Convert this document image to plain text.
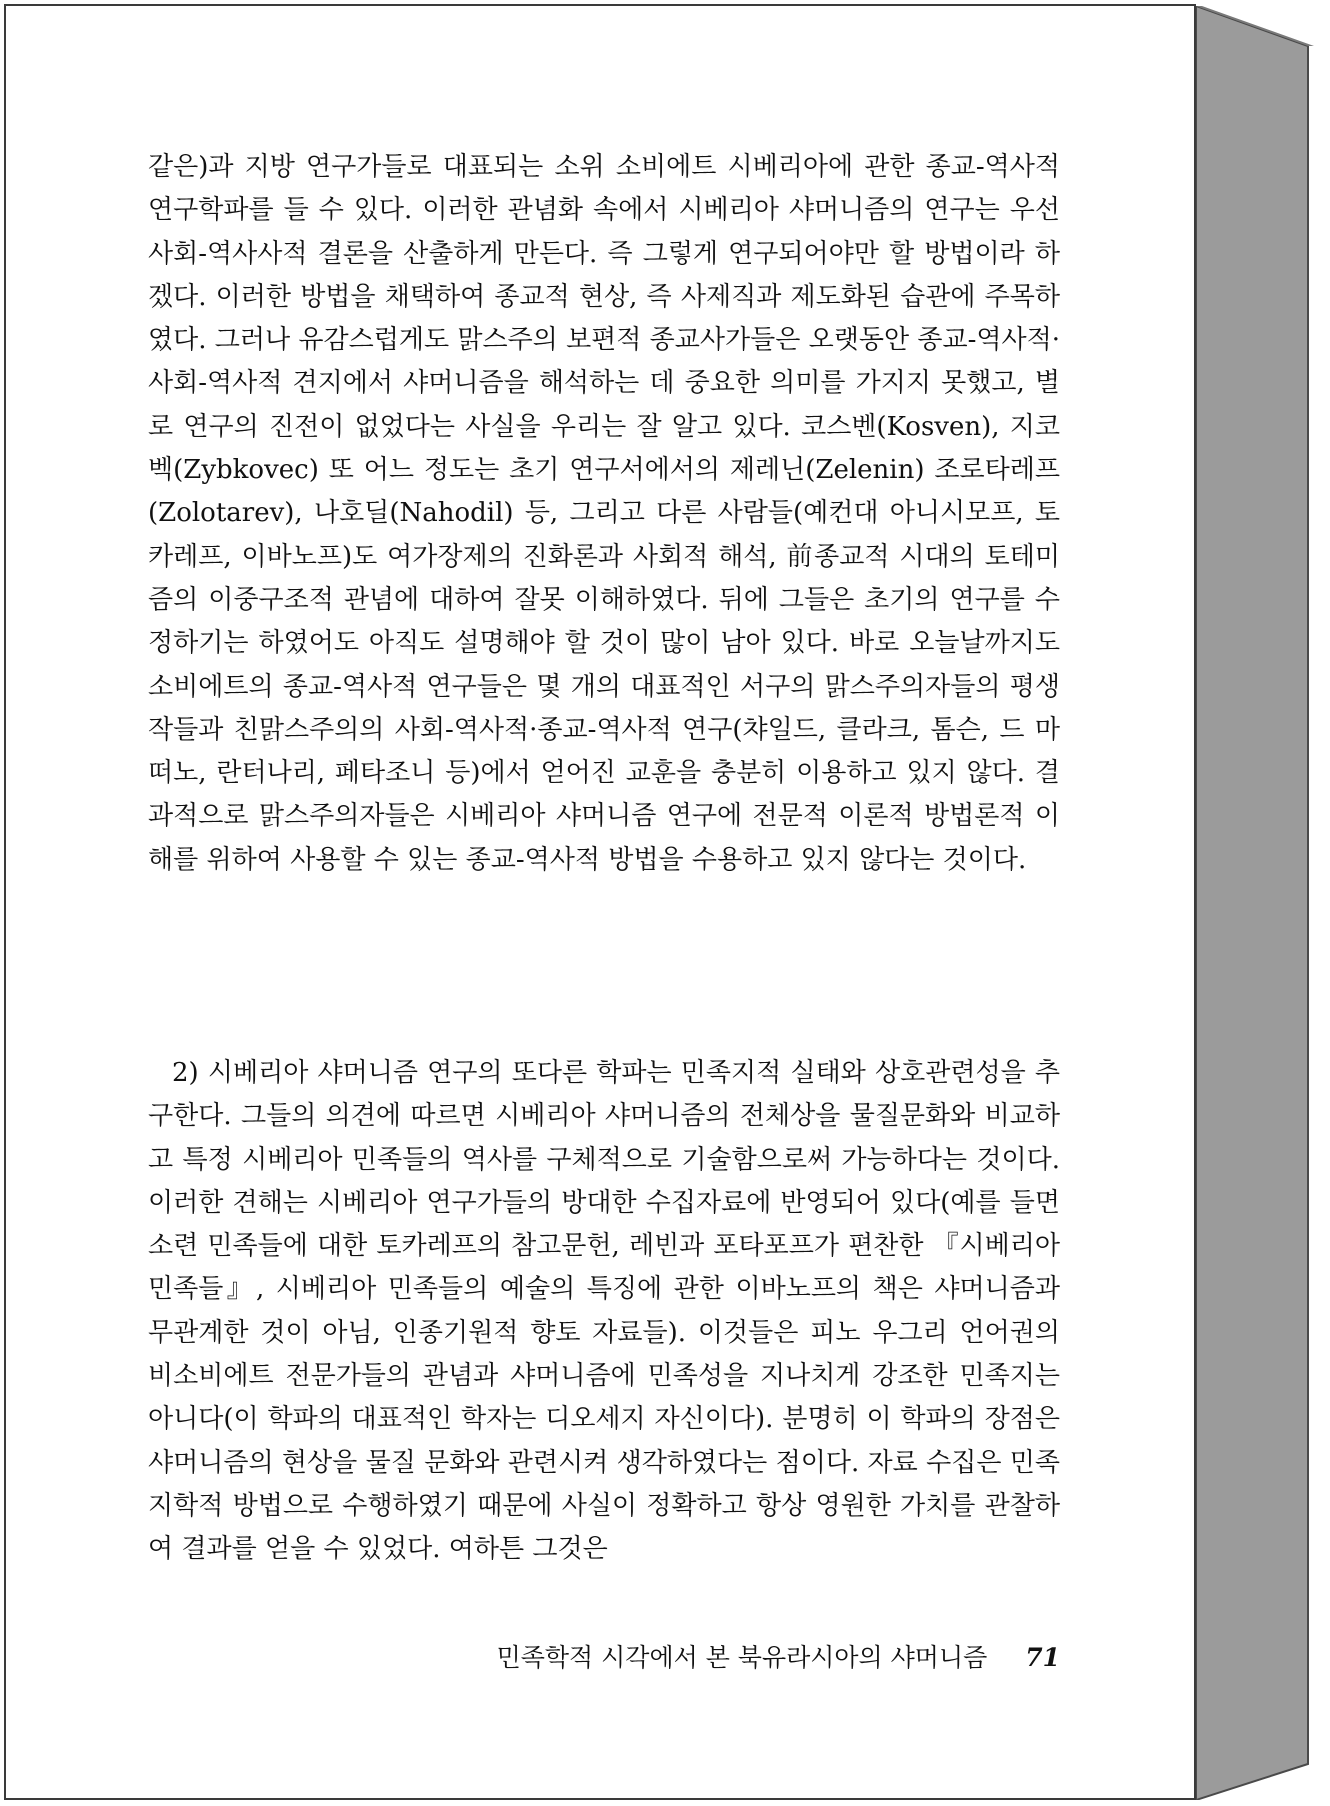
같은)과 지방 연구가들로 대표되는 소위 소비에트 시베리아에 관한 종교-역사적 연구학파를 들 수 있다. 이러한 관념화 속에서 시베리아 샤머니즘의 연구는 우선 사회-역사사적 결론을 산출하게 만든다. 즉 그렇게 연구되어야만 할 방법이라 하겠다. 이러한 방법을 채택하여 종교적 현상, 즉 사제직과 제도화된 습관에 주목하였다. 그러나 유감스럽게도 맑스주의 보편적 종교사가들은 오랫동안 종교-역사적·사회-역사적 견지에서 샤머니즘을 해석하는 데 중요한 의미를 가지지 못했고, 별로 연구의 진전이 없었다는 사실을 우리는 잘 알고 있다. 코스벤(Kosven), 지코벡(Zybkovec) 또 어느 정도는 초기 연구서에서의 제레닌(Zelenin) 조로타레프(Zolotarev), 나호딜(Nahodil) 등, 그리고 다른 사람들(예컨대 아니시모프, 토카레프, 이바노프)도 여가장제의 진화론과 사회적 해석, 前종교적 시대의 토테미즘의 이중구조적 관념에 대하여 잘못 이해하였다. 뒤에 그들은 초기의 연구를 수정하기는 하였어도 아직도 설명해야 할 것이 많이 남아 있다. 바로 오늘날까지도 소비에트의 종교-역사적 연구들은 몇 개의 대표적인 서구의 맑스주의자들의 평생작들과 친맑스주의의 사회-역사적·종교-역사적 연구(챠일드, 클라크, 톰슨, 드 마떠노, 란터나리, 페타조니 등)에서 얻어진 교훈을 충분히 이용하고 있지 않다. 결과적으로 맑스주의자들은 시베리아 샤머니즘 연구에 전문적 이론적 방법론적 이해를 위하여 사용할 수 있는 종교-역사적 방법을 수용하고 있지 않다는 것이다.
2) 시베리아 샤머니즘 연구의 또다른 학파는 민족지적 실태와 상호관련성을 추구한다. 그들의 의견에 따르면 시베리아 샤머니즘의 전체상을 물질문화와 비교하고 특정 시베리아 민족들의 역사를 구체적으로 기술함으로써 가능하다는 것이다. 이러한 견해는 시베리아 연구가들의 방대한 수집자료에 반영되어 있다(예를 들면 소련 민족들에 대한 토카레프의 참고문헌, 레빈과 포타포프가 편찬한 『시베리아 민족들』, 시베리아 민족들의 예술의 특징에 관한 이바노프의 책은 샤머니즘과 무관계한 것이 아님, 인종기원적 향토 자료들). 이것들은 피노 우그리 언어권의 비소비에트 전문가들의 관념과 샤머니즘에 민족성을 지나치게 강조한 민족지는 아니다(이 학파의 대표적인 학자는 디오세지 자신이다). 분명히 이 학파의 장점은 샤머니즘의 현상을 물질 문화와 관련시켜 생각하였다는 점이다. 자료 수집은 민족지학적 방법으로 수행하였기 때문에 사실이 정확하고 항상 영원한 가치를 관찰하여 결과를 얻을 수 있었다. 여하튼 그것은
민족학적 시각에서 본 북유라시아의 샤머니즘 71
